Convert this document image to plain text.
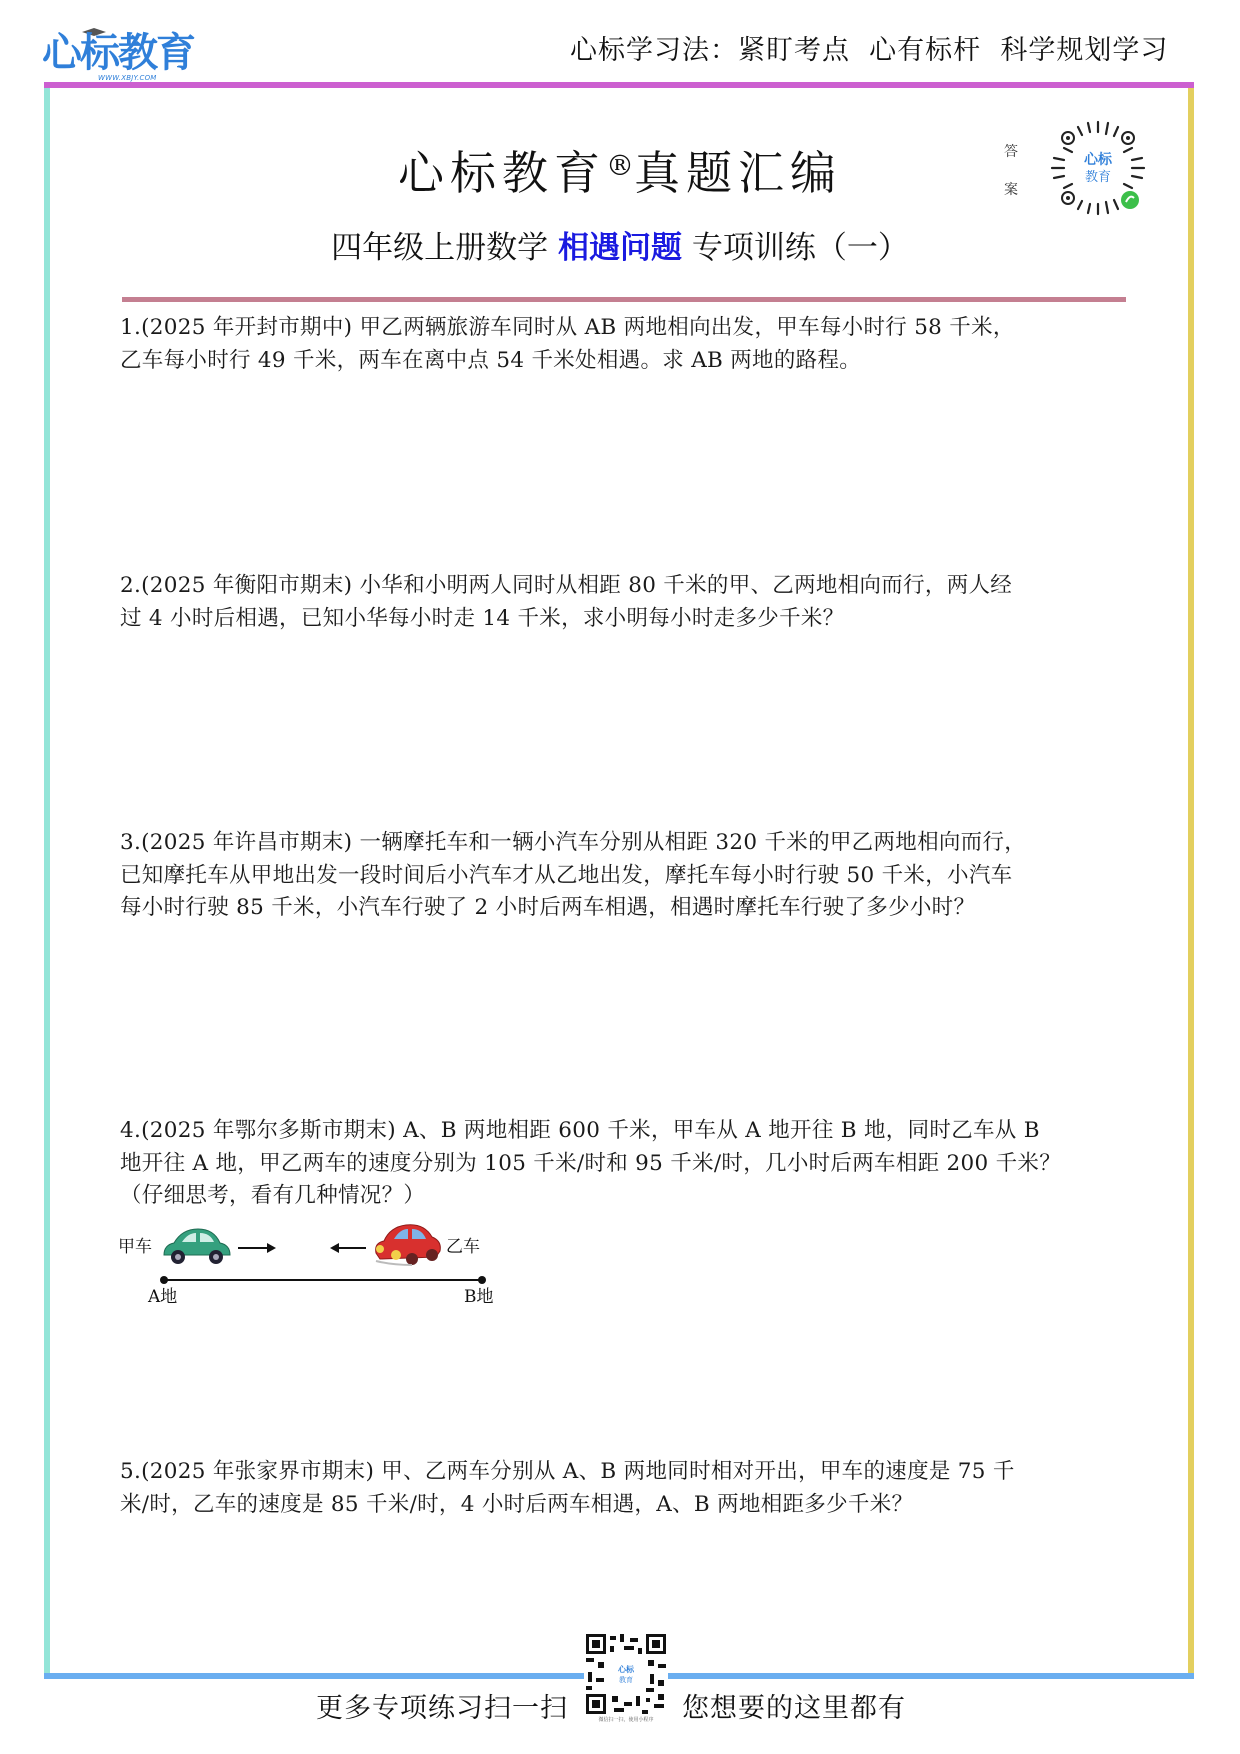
心标教育
WWW.XBJY.COM
心标学习法：紧盯考点  心有标杆  科学规划学习
心标教育®真题汇编	答
案
心标
教育
四年级上册数学 相遇问题 专项训练（一）

1.(2025 年开封市期中) 甲乙两辆旅游车同时从 AB 两地相向出发，甲车每小时行 58 千米，

乙车每小时行 49 千米，两车在离中点 54 千米处相遇。求 AB 两地的路程。

2.(2025 年衡阳市期末) 小华和小明两人同时从相距 80 千米的甲、乙两地相向而行，两人经

过 4 小时后相遇，已知小华每小时走 14 千米，求小明每小时走多少千米？

3.(2025 年许昌市期末) 一辆摩托车和一辆小汽车分别从相距 320 千米的甲乙两地相向而行，

已知摩托车从甲地出发一段时间后小汽车才从乙地出发，摩托车每小时行驶 50 千米，小汽车

每小时行驶 85 千米，小汽车行驶了 2 小时后两车相遇，相遇时摩托车行驶了多少小时？

4.(2025 年鄂尔多斯市期末) A、B 两地相距 600 千米，甲车从 A 地开往 B 地，同时乙车从 B

地开往 A 地，甲乙两车的速度分别为 105 千米/时和 95 千米/时，几小时后两车相距 200 千米？

（仔细思考，看有几种情况？）

甲车	乙车
A地	B地

5.(2025 年张家界市期末) 甲、乙两车分别从 A、B 两地同时相对开出，甲车的速度是 75 千

米/时，乙车的速度是 85 千米/时，4 小时后两车相遇，A、B 两地相距多少千米？

更多专项练习扫一扫
心标
教育
微信扫一扫，使用小程序	您想要的这里都有
